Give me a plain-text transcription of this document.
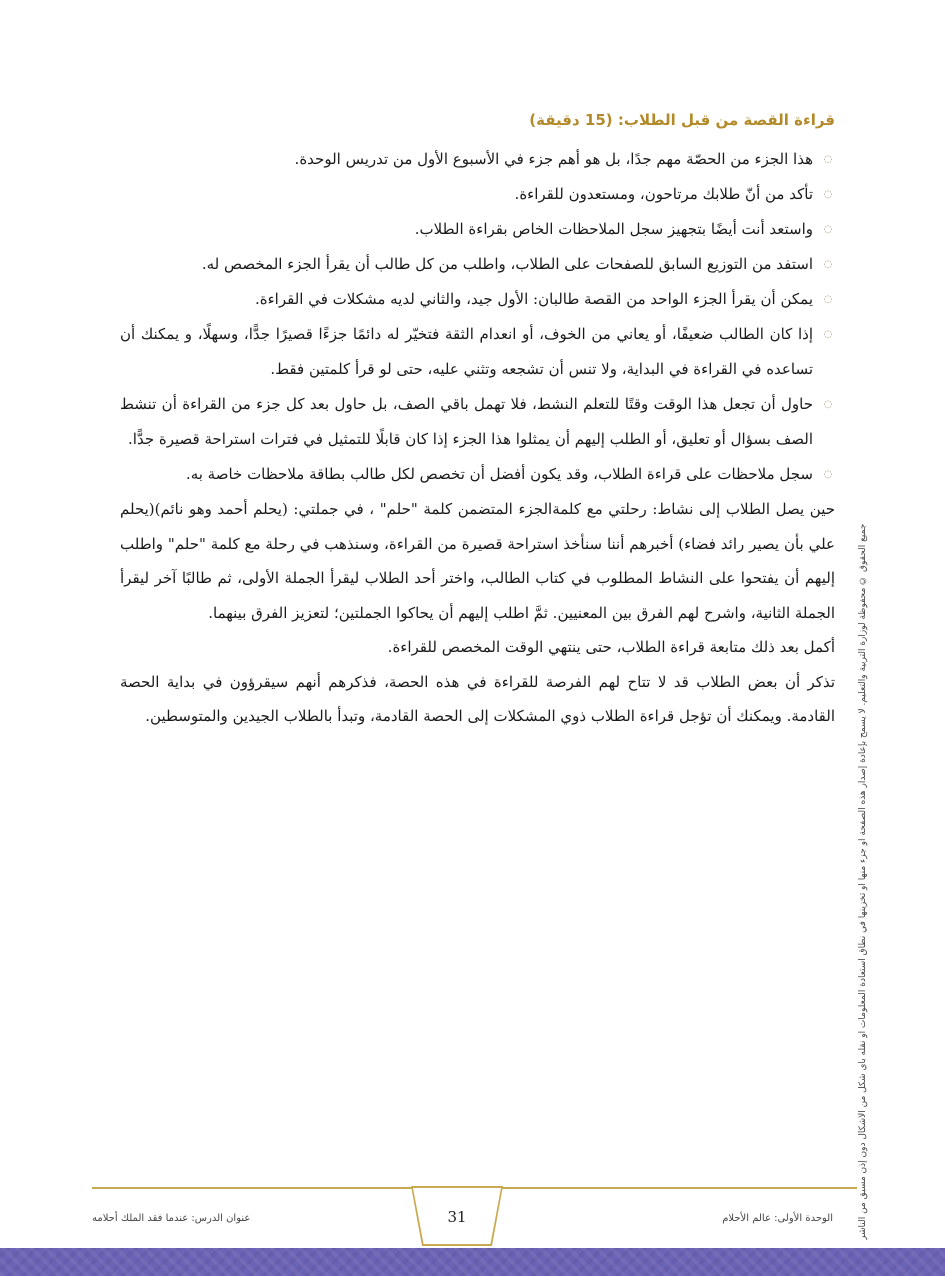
جميع الحقوق © محفوظة لوزارة التربية والتعليم. لا يسمح بإعادة إصدار هذه الصفحة أو جزء منها أو تخزينها في نطاق استعادة المعلومات أو نقله بأي شكل من الأشكال دون إذن مسبق من الناشر
قراءة القصة من قبل الطلاب: (15 دقيقة)
◌
هذا الجزء من الحصّة مهم جدًا، بل هو أهم جزء في الأسبوع الأول من تدريس الوحدة.
◌
تأكد من أنّ طلابك مرتاحون، ومستعدون للقراءة.
◌
واستعد أنت أيضًا بتجهيز سجل الملاحظات الخاص بقراءة الطلاب.
◌
استفد من التوزيع السابق للصفحات على الطلاب، واطلب من كل طالب أن يقرأ الجزء المخصص له.
◌
يمكن أن يقرأ الجزء الواحد من القصة طالبان: الأول جيد، والثاني لديه مشكلات في القراءة.
◌
إذا كان الطالب ضعيفًا، أو يعاني من الخوف، أو انعدام الثقة فتخيّر له دائمًا جزءًا قصيرًا جدًّا، وسهلًا، و يمكنك أن تساعده في القراءة في البداية، ولا تنس أن تشجعه وتثني عليه، حتى لو قرأ كلمتين فقط.
◌
حاول أن تجعل هذا الوقت وقتًا للتعلم النشط، فلا تهمل باقي الصف، بل حاول بعد كل جزء من القراءة أن تنشط الصف بسؤال أو تعليق، أو الطلب إليهم أن يمثلوا هذا الجزء إذا كان قابلًا للتمثيل في فترات استراحة قصيرة جدًّا.
◌
سجل ملاحظات على قراءة الطلاب، وقد يكون أفضل أن تخصص لكل طالب بطاقة ملاحظات خاصة به.

حين يصل الطلاب إلى نشاط: رحلتي مع كلمةالجزء المتضمن كلمة "حلم" ، في جملتي: (يحلم أحمد وهو نائم)(يحلم علي بأن يصير رائد فضاء) أخبرهم أننا سنأخذ استراحة قصيرة من القراءة، وسنذهب في رحلة مع كلمة "حلم" واطلب إليهم أن يفتحوا على النشاط المطلوب في كتاب الطالب، واختر أحد الطلاب ليقرأ الجملة الأولى، ثم طالبًا آخر ليقرأ الجملة الثانية، واشرح لهم الفرق بين المعنيين. ثمَّ اطلب إليهم أن يحاكوا الجملتين؛ لتعزيز الفرق بينهما.

أكمل بعد ذلك متابعة قراءة الطلاب، حتى ينتهي الوقت المخصص للقراءة.

تذكر أن بعض الطلاب قد لا تتاح لهم الفرصة للقراءة في هذه الحصة، فذكرهم أنهم سيقرؤون في بداية الحصة القادمة. ويمكنك أن تؤجل قراءة الطلاب ذوي المشكلات إلى الحصة القادمة، وتبدأ بالطلاب الجيدين والمتوسطين.

31
عنوان الدرس: عندما فقد الملك أحلامه	الوحدة الأولى: عالم الأحلام
